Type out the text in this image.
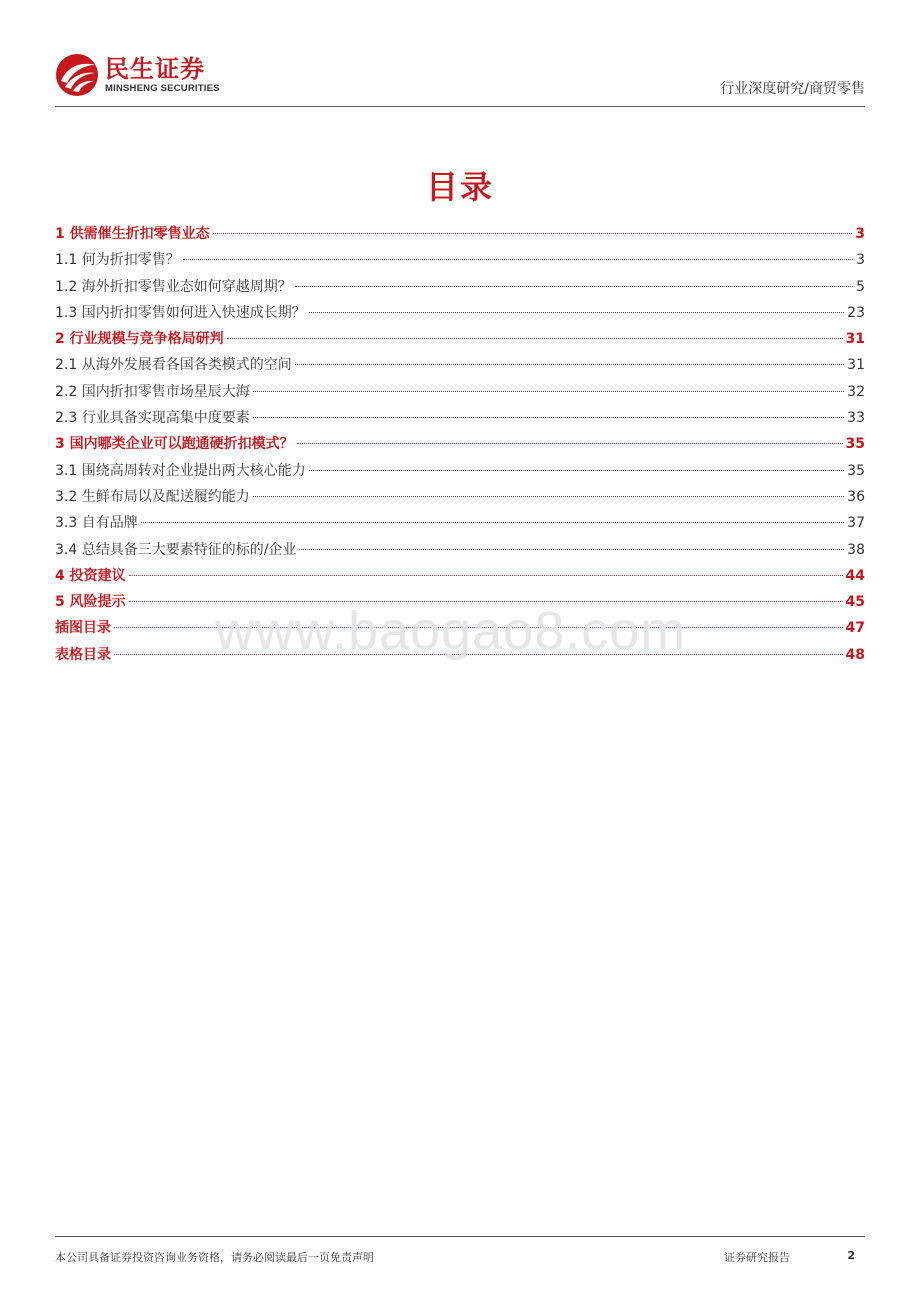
民生证券
MINSHENG SECURITIES	行业深度研究/商贸零售
目录
1 供需催生折扣零售业态	3
1.1 何为折扣零售？	3
1.2 海外折扣零售业态如何穿越周期？	5
1.3 国内折扣零售如何进入快速成长期？	23
2 行业规模与竞争格局研判	31
2.1 从海外发展看各国各类模式的空间	31
2.2 国内折扣零售市场星辰大海	32
2.3 行业具备实现高集中度要素	33
3 国内哪类企业可以跑通硬折扣模式？	35
3.1 围绕高周转对企业提出两大核心能力	35
3.2 生鲜布局以及配送履约能力	36
3.3 自有品牌	37
3.4 总结具备三大要素特征的标的/企业	38
4 投资建议	44
5 风险提示	45
插图目录	47
表格目录	48
www.baogao8.com
本公司具备证券投资咨询业务资格，请务必阅读最后一页免责声明	证券研究报告	2
